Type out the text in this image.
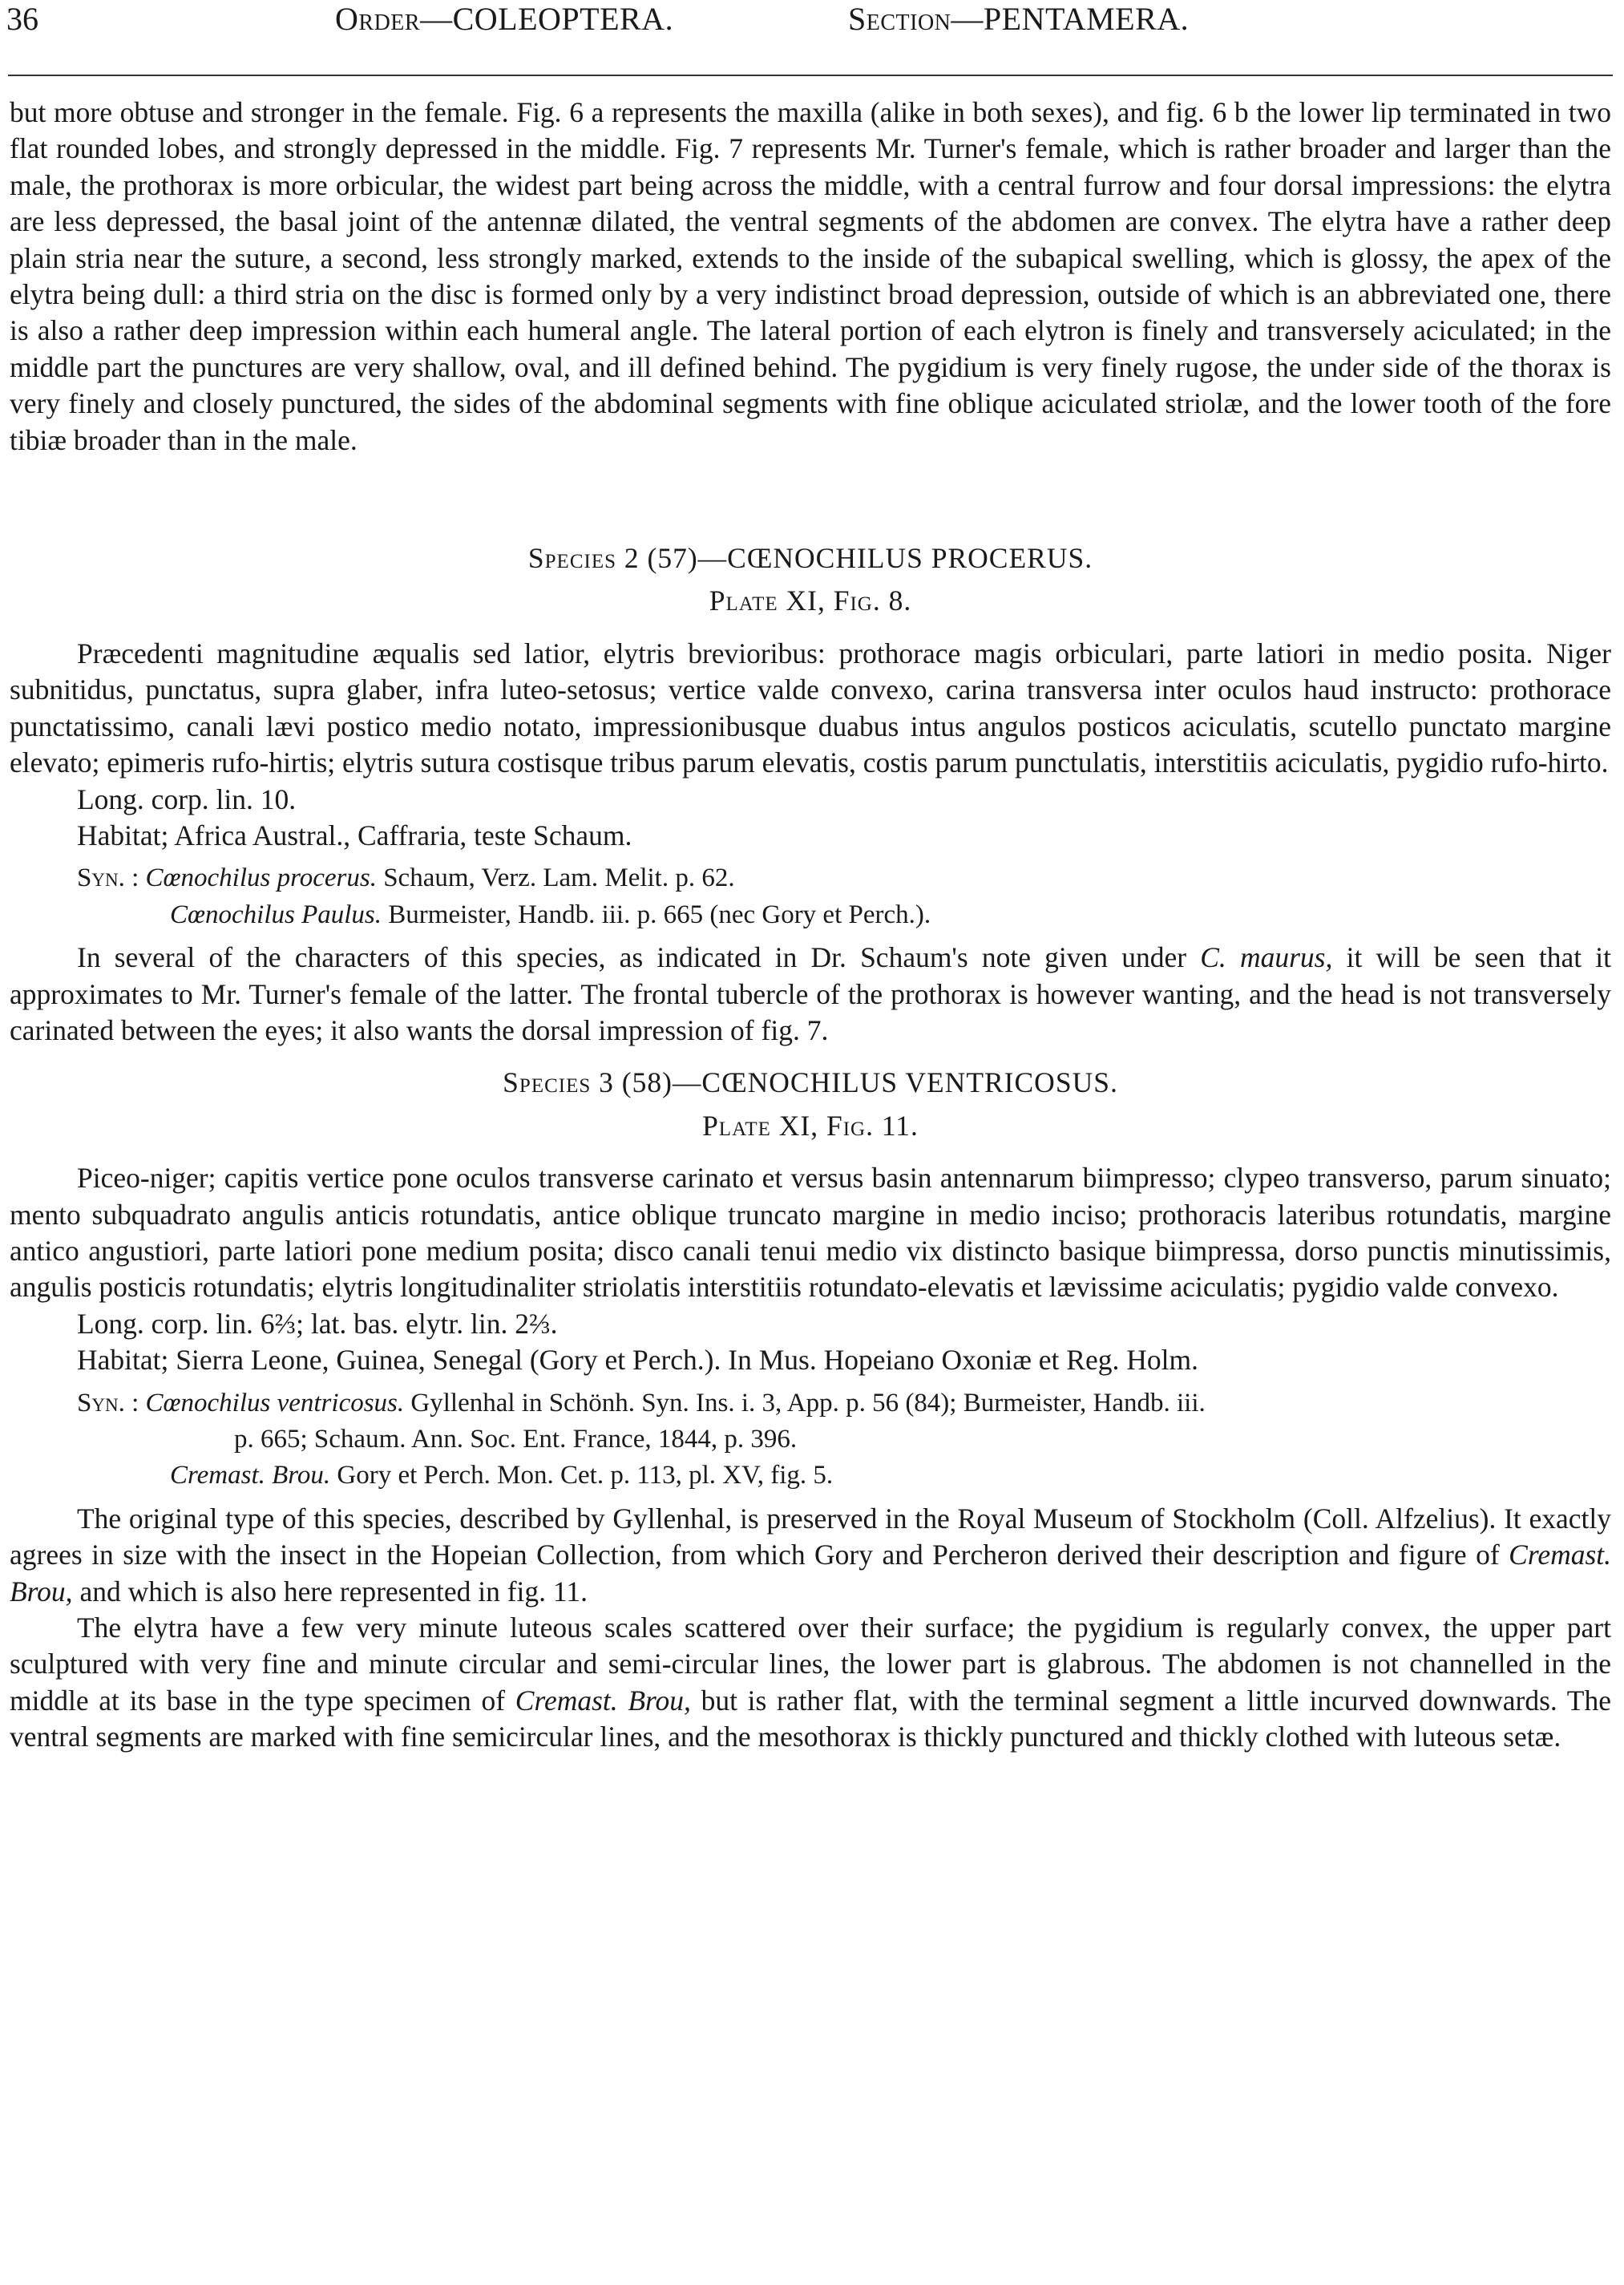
36	Order—COLEOPTERA.	Section—PENTAMERA.

but more obtuse and stronger in the female. Fig. 6 a represents the maxilla (alike in both sexes), and fig. 6 b the lower lip terminated in two flat rounded lobes, and strongly depressed in the middle. Fig. 7 represents Mr. Turner's female, which is rather broader and larger than the male, the prothorax is more orbicular, the widest part being across the middle, with a central furrow and four dorsal impressions: the elytra are less depressed, the basal joint of the antennæ dilated, the ventral segments of the abdomen are convex. The elytra have a rather deep plain stria near the suture, a second, less strongly marked, extends to the inside of the subapical swelling, which is glossy, the apex of the elytra being dull: a third stria on the disc is formed only by a very indistinct broad depression, outside of which is an abbreviated one, there is also a rather deep impression within each humeral angle. The lateral portion of each elytron is finely and transversely aciculated; in the middle part the punctures are very shallow, oval, and ill defined behind. The pygidium is very finely rugose, the under side of the thorax is very finely and closely punctured, the sides of the abdominal segments with fine oblique aciculated striolæ, and the lower tooth of the fore tibiæ broader than in the male.

Species 2 (57)—CŒNOCHILUS PROCERUS.

Plate XI, Fig. 8.

Præcedenti magnitudine æqualis sed latior, elytris brevioribus: prothorace magis orbiculari, parte latiori in medio posita. Niger subnitidus, punctatus, supra glaber, infra luteo-setosus; vertice valde convexo, carina transversa inter oculos haud instructo: prothorace punctatissimo, canali lævi postico medio notato, impressionibusque duabus intus angulos posticos aciculatis, scutello punctato margine elevato; epimeris rufo-hirtis; elytris sutura costisque tribus parum elevatis, costis parum punctulatis, interstitiis aciculatis, pygidio rufo-hirto.

Long. corp. lin. 10.

Habitat; Africa Austral., Caffraria, teste Schaum.

Syn. : Cœnochilus procerus. Schaum, Verz. Lam. Melit. p. 62.

Cœnochilus Paulus. Burmeister, Handb. iii. p. 665 (nec Gory et Perch.).

In several of the characters of this species, as indicated in Dr. Schaum's note given under C. maurus, it will be seen that it approximates to Mr. Turner's female of the latter. The frontal tubercle of the prothorax is however wanting, and the head is not transversely carinated between the eyes; it also wants the dorsal impression of fig. 7.

Species 3 (58)—CŒNOCHILUS VENTRICOSUS.

Plate XI, Fig. 11.

Piceo-niger; capitis vertice pone oculos transverse carinato et versus basin antennarum biimpresso; clypeo transverso, parum sinuato; mento subquadrato angulis anticis rotundatis, antice oblique truncato margine in medio inciso; prothoracis lateribus rotundatis, margine antico angustiori, parte latiori pone medium posita; disco canali tenui medio vix distincto basique biimpressa, dorso punctis minutissimis, angulis posticis rotundatis; elytris longitudinaliter striolatis interstitiis rotundato-elevatis et lævissime aciculatis; pygidio valde convexo.

Long. corp. lin. 6⅔; lat. bas. elytr. lin. 2⅔.

Habitat; Sierra Leone, Guinea, Senegal (Gory et Perch.). In Mus. Hopeiano Oxoniæ et Reg. Holm.

Syn. : Cœnochilus ventricosus. Gyllenhal in Schönh. Syn. Ins. i. 3, App. p. 56 (84); Burmeister, Handb. iii.

p. 665; Schaum. Ann. Soc. Ent. France, 1844, p. 396.

Cremast. Brou. Gory et Perch. Mon. Cet. p. 113, pl. XV, fig. 5.

The original type of this species, described by Gyllenhal, is preserved in the Royal Museum of Stockholm (Coll. Alfzelius). It exactly agrees in size with the insect in the Hopeian Collection, from which Gory and Percheron derived their description and figure of Cremast. Brou, and which is also here represented in fig. 11.

The elytra have a few very minute luteous scales scattered over their surface; the pygidium is regularly convex, the upper part sculptured with very fine and minute circular and semi-circular lines, the lower part is glabrous. The abdomen is not channelled in the middle at its base in the type specimen of Cremast. Brou, but is rather flat, with the terminal segment a little incurved downwards. The ventral segments are marked with fine semicircular lines, and the mesothorax is thickly punctured and thickly clothed with luteous setæ.
